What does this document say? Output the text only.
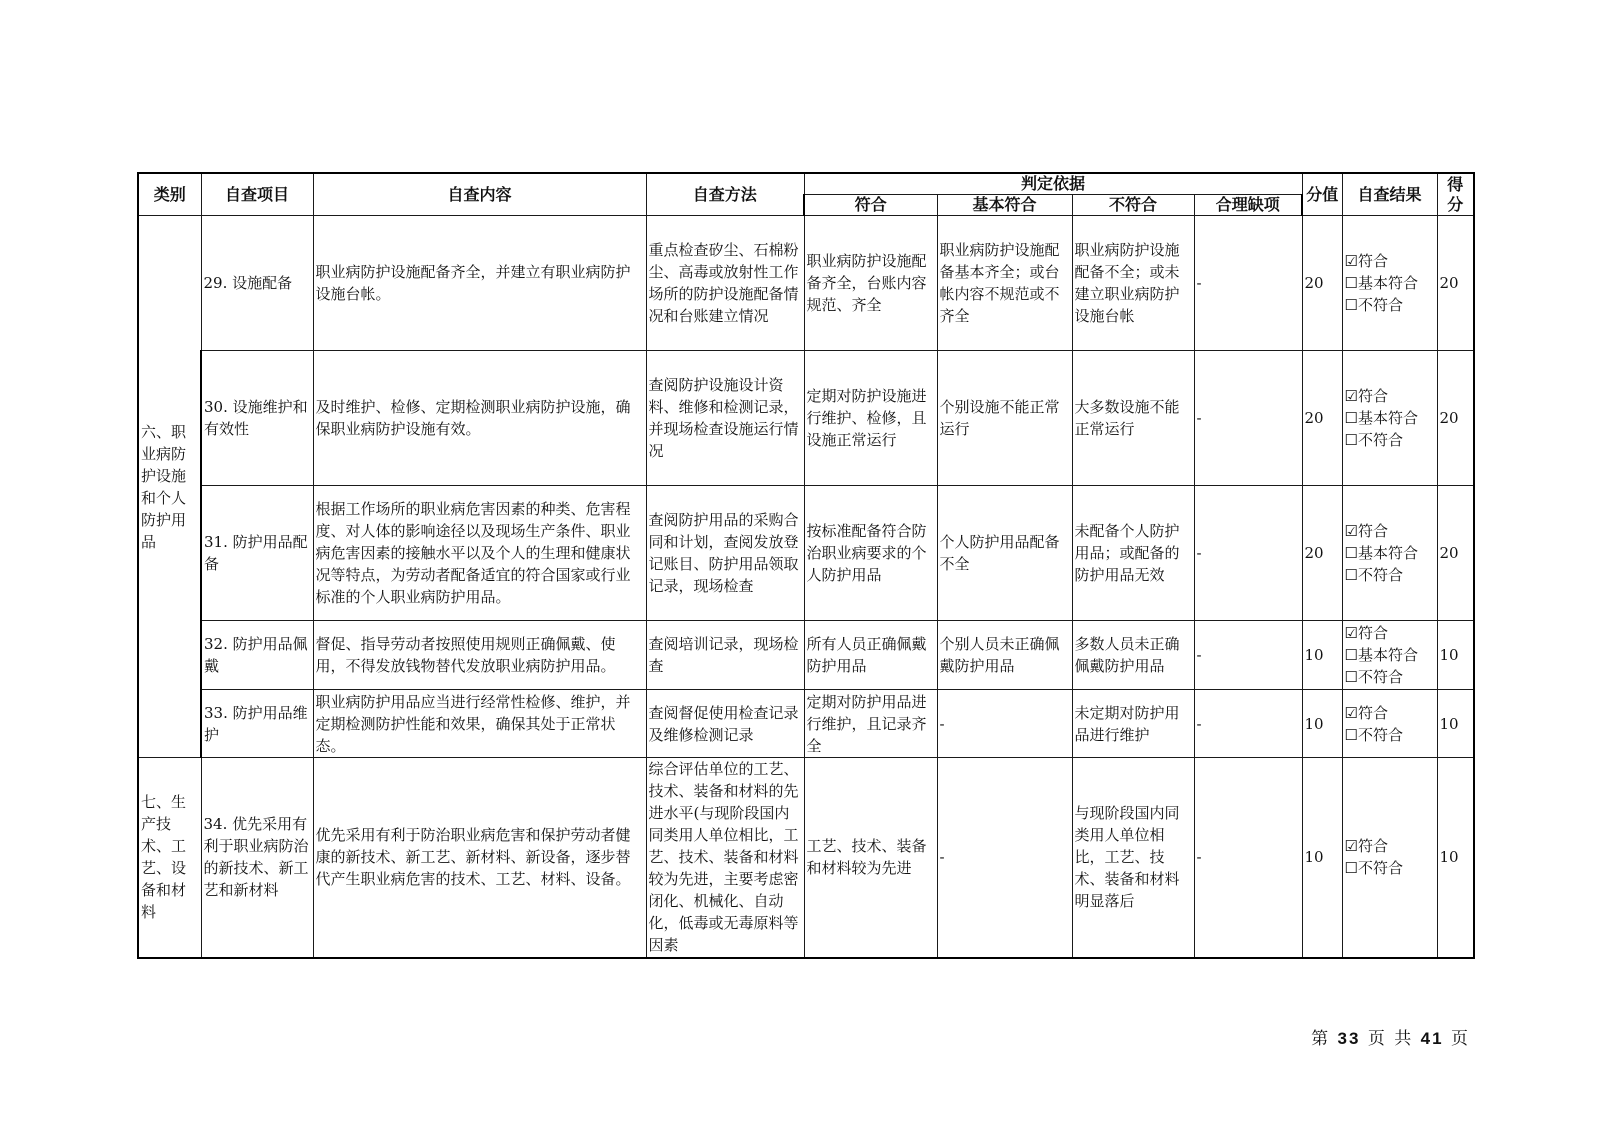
类别	自查项目	自查内容	自查方法	判定依据				分值	自查结果	得分
				符合	基本符合	不符合	合理缺项			
六、职业病防护设施和个人防护用品	29. 设施配备	职业病防护设施配备齐全，并建立有职业病防护设施台帐。	重点检查矽尘、石棉粉尘、高毒或放射性工作场所的防护设施配备情况和台账建立情况	职业病防护设施配备齐全，台账内容规范、齐全	职业病防护设施配备基本齐全；或台帐内容不规范或不齐全	职业病防护设施配备不全；或未建立职业病防护设施台帐	-	20	☑符合
☐基本符合
☐不符合	20
	30. 设施维护和有效性	及时维护、检修、定期检测职业病防护设施，确保职业病防护设施有效。	查阅防护设施设计资料、维修和检测记录，并现场检查设施运行情况	定期对防护设施进行维护、检修，且设施正常运行	个别设施不能正常运行	大多数设施不能正常运行	-	20	☑符合
☐基本符合
☐不符合	20
	31. 防护用品配备	根据工作场所的职业病危害因素的种类、危害程度、对人体的影响途径以及现场生产条件、职业病危害因素的接触水平以及个人的生理和健康状况等特点，为劳动者配备适宜的符合国家或行业标准的个人职业病防护用品。	查阅防护用品的采购合同和计划，查阅发放登记账目、防护用品领取记录，现场检查	按标准配备符合防治职业病要求的个人防护用品	个人防护用品配备不全	未配备个人防护用品；或配备的防护用品无效	-	20	☑符合
☐基本符合
☐不符合	20
	32. 防护用品佩戴	督促、指导劳动者按照使用规则正确佩戴、使用，不得发放钱物替代发放职业病防护用品。	查阅培训记录，现场检查	所有人员正确佩戴防护用品	个别人员未正确佩戴防护用品	多数人员未正确佩戴防护用品	-	10	☑符合
☐基本符合
☐不符合	10
	33. 防护用品维护	职业病防护用品应当进行经常性检修、维护，并定期检测防护性能和效果，确保其处于正常状态。	查阅督促使用检查记录及维修检测记录	定期对防护用品进行维护，且记录齐全	-	未定期对防护用品进行维护	-	10	☑符合
☐不符合	10
七、生产技术、工艺、设备和材料	34. 优先采用有利于职业病防治的新技术、新工艺和新材料	优先采用有利于防治职业病危害和保护劳动者健康的新技术、新工艺、新材料、新设备，逐步替代产生职业病危害的技术、工艺、材料、设备。	综合评估单位的工艺、技术、装备和材料的先进水平(与现阶段国内同类用人单位相比，工艺、技术、装备和材料较为先进，主要考虑密闭化、机械化、自动化，低毒或无毒原料等因素	工艺、技术、装备和材料较为先进	-	与现阶段国内同类用人单位相比，工艺、技术、装备和材料明显落后	-	10	☑符合
☐不符合	10
第 33 页 共 41 页
